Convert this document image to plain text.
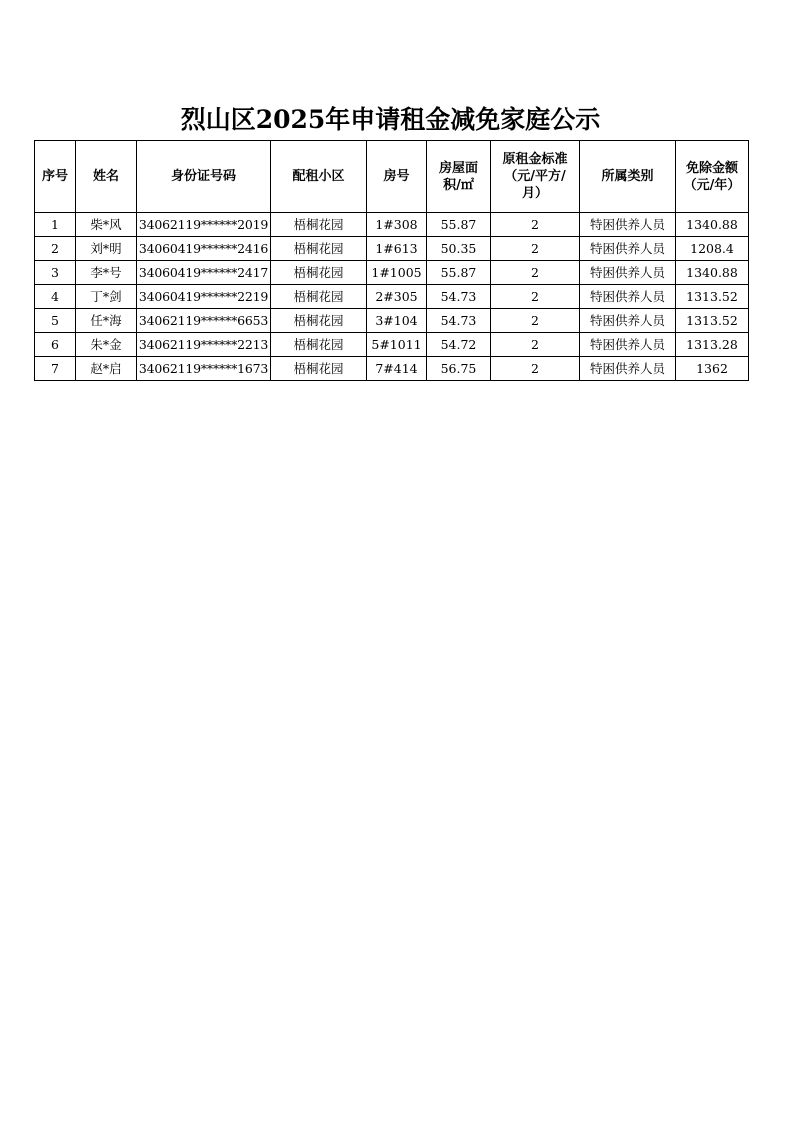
烈山区2025年申请租金减免家庭公示
序号	姓名	身份证号码	配租小区	房号	房屋面积/㎡	原租金标准（元/平方/月）	所属类别	免除金额（元/年）
1	柴*风	34062119******2019	梧桐花园	1#308	55.87	2	特困供养人员	1340.88
2	刘*明	34060419******2416	梧桐花园	1#613	50.35	2	特困供养人员	1208.4
3	李*号	34060419******2417	梧桐花园	1#1005	55.87	2	特困供养人员	1340.88
4	丁*剑	34060419******2219	梧桐花园	2#305	54.73	2	特困供养人员	1313.52
5	任*海	34062119******6653	梧桐花园	3#104	54.73	2	特困供养人员	1313.52
6	朱*金	34062119******2213	梧桐花园	5#1011	54.72	2	特困供养人员	1313.28
7	赵*启	34062119******1673	梧桐花园	7#414	56.75	2	特困供养人员	1362
